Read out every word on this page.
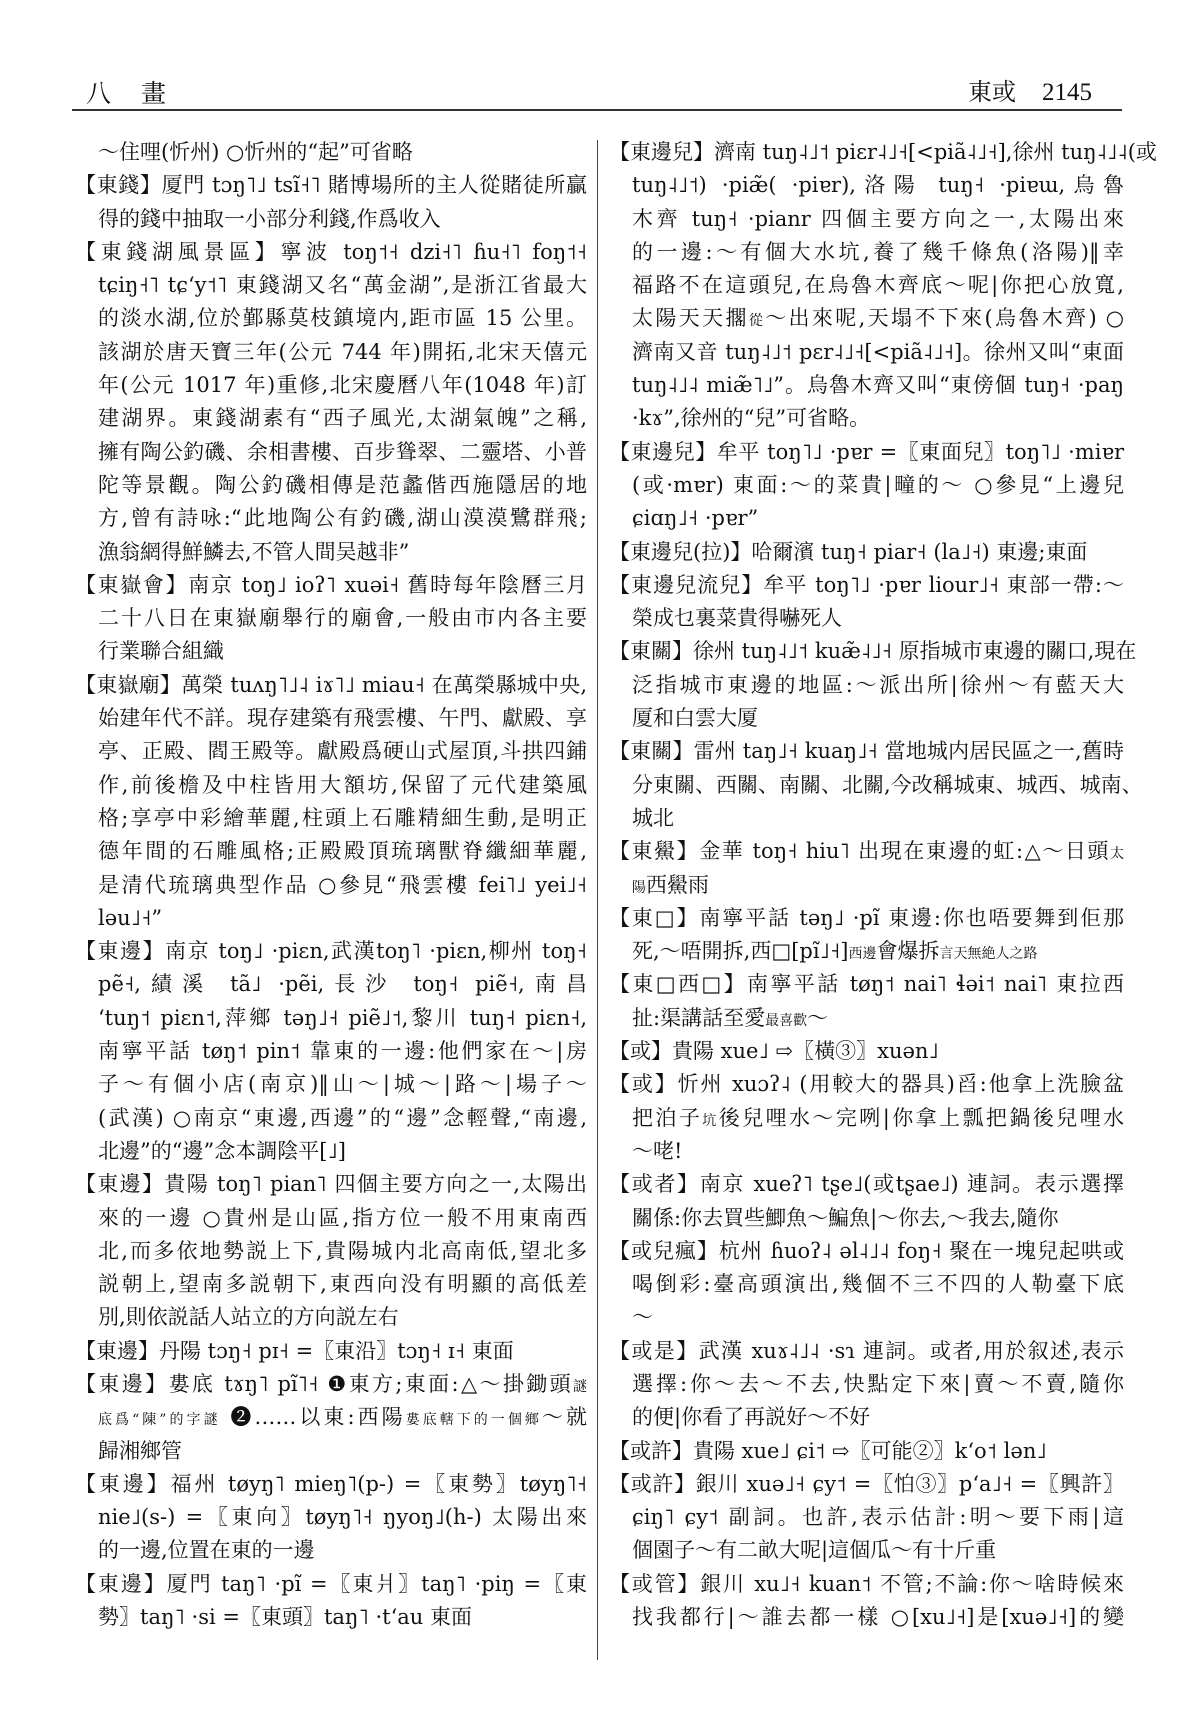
八 畫	東或 2145
～住哩(忻州) ○忻州的“起”可省略
【東錢】厦門 tɔŋ˥˩ tsĩ˧˥ 賭博場所的主人從賭徒所贏
得的錢中抽取一小部分利錢,作爲收入
【東錢湖風景區】寧波 toŋ˦˧ dzi˧˥ ɦu˧˥ foŋ˦˧
tɕiŋ˧˥ tɕʻy˦˥ 東錢湖又名“萬金湖”,是浙江省最大
的淡水湖,位於鄞縣莫枝鎮境内,距市區 15 公里。
該湖於唐天寶三年(公元 744 年)開拓,北宋天僖元
年(公元 1017 年)重修,北宋慶曆八年(1048 年)訂
建湖界。東錢湖素有“西子風光,太湖氣魄”之稱,
擁有陶公釣磯、余相書樓、百步聳翠、二靈塔、小普
陀等景觀。陶公釣磯相傳是范蠡偕西施隱居的地
方,曾有詩咏:“此地陶公有釣磯,湖山漠漠鷺群飛;
漁翁網得鮮鱗去,不管人間吴越非”
【東嶽會】南京 toŋ˩ ioʔ˥ xuəi˧ 舊時每年陰曆三月
二十八日在東嶽廟舉行的廟會,一般由市内各主要
行業聯合組織
【東嶽廟】萬榮 tuʌŋ˥˩˨ iɤ˥˩ miau˧ 在萬榮縣城中央,
始建年代不詳。現存建築有飛雲樓、午門、獻殿、享
亭、正殿、閻王殿等。獻殿爲硬山式屋頂,斗拱四鋪
作,前後檐及中柱皆用大額坊,保留了元代建築風
格;享亭中彩繪華麗,柱頭上石雕精細生動,是明正
德年間的石雕風格;正殿殿頂琉璃獸脊纖細華麗,
是清代琉璃典型作品 ○參見“飛雲樓 fei˥˩ yei˩˧
ləu˩˧”
【東邊】南京 toŋ˩ ·piɛn,武漢toŋ˥ ·piɛn,柳州 toŋ˧
pẽ˧,績溪 tã˩ ·pẽi,長沙 toŋ˧ piẽ˧,南昌
ʻtuŋ˦ piɛn˦,萍鄉 təŋ˩˧ piẽ˩˦,黎川 tuŋ˧ piɛn˧,
南寧平話 tøŋ˦ pin˦ 靠東的一邊:他們家在～|房
子～有個小店(南京)‖山～|城～|路～|場子～
(武漢) ○南京“東邊,西邊”的“邊”念輕聲,“南邊,
北邊”的“邊”念本調陰平[˩]
【東邊】貴陽 toŋ˥ pian˥ 四個主要方向之一,太陽出
來的一邊 ○貴州是山區,指方位一般不用東南西
北,而多依地勢説上下,貴陽城内北高南低,望北多
説朝上,望南多説朝下,東西向没有明顯的高低差
別,則依説話人站立的方向説左右
【東邊】丹陽 tɔŋ˧ pɪ˧ =〖東沿〗tɔŋ˧ ɪ˧ 東面
【東邊】婁底 tɤŋ˥ pĩ˥˧ ❶東方;東面:△～掛鋤頭謎
底爲“陳”的字謎 ❷……以東:西陽婁底轄下的一個鄉～就
歸湘鄉管
【東邊】福州 tøyŋ˥ mieŋ˥(p-) =〖東勢〗tøyŋ˥˧
nie˩(s-) =〖東向〗tøyŋ˥˧ ŋyoŋ˩(h-) 太陽出來
的一邊,位置在東的一邊
【東邊】厦門 taŋ˥ ·pĩ =〖東爿〗taŋ˥ ·piŋ =〖東
勢〗taŋ˥ ·si =〖東頭〗taŋ˥ ·tʻau 東面
【東邊兒】濟南 tuŋ˨˩˦ piɛr˨˩˧[<piã˨˩˧],徐州 tuŋ˨˩˨(或
tuŋ˨˩˦) ·piæ̃( ·piɐr),洛陽 tuŋ˧ ·piɐɯ,烏魯
木齊 tuŋ˧ ·pianr 四個主要方向之一,太陽出來
的一邊:～有個大水坑,養了幾千條魚(洛陽)‖幸
福路不在這頭兒,在烏魯木齊底～呢|你把心放寬,
太陽天天擱從～出來呢,天塌不下來(烏魯木齊) ○
濟南又音 tuŋ˨˩˦ pɛr˨˩˧[<piã˨˩˧]。徐州又叫“東面
tuŋ˨˩˨ miæ̃˥˩”。烏魯木齊又叫“東傍個 tuŋ˧ ·paŋ
·kɤ”,徐州的“兒”可省略。
【東邊兒】牟平 toŋ˥˩ ·pɐr =〖東面兒〗toŋ˥˩ ·miɐr
(或·mɐr) 東面:～的菜貴|疃的～ ○參見“上邊兒
ɕiɑŋ˩˧ ·pɐr”
【東邊兒(拉)】哈爾濱 tuŋ˧ piar˧ (la˩˧) 東邊;東面
【東邊兒流兒】牟平 toŋ˥˩ ·pɐr liour˩˧ 東部一帶:～
榮成乜裏菜貴得嚇死人
【東關】徐州 tuŋ˨˩˦ kuæ̃˨˩˧ 原指城市東邊的關口,現在
泛指城市東邊的地區:～派出所|徐州～有藍天大
厦和白雲大厦
【東關】雷州 taŋ˩˧ kuaŋ˩˧ 當地城内居民區之一,舊時
分東關、西關、南關、北關,今改稱城東、城西、城南、
城北
【東鱟】金華 toŋ˧ hiu˥ 出現在東邊的虹:△～日頭太
陽西鱟雨
【東□】南寧平話 təŋ˩ ·pĩ 東邊:你也唔要舞到佢那
死,～唔開拆,西□[pĩ˩˧]西邊會爆拆言天無絶人之路
【東□西□】南寧平話 tøŋ˦ nai˥ ɬəi˦ nai˥ 東拉西
扯:渠講話至愛最喜歡～
【或】貴陽 xue˩ ⇨〖橫③〗xuən˩
【或】忻州 xuɔʔ˨ (用較大的器具)舀:他拿上洗臉盆
把泊子坑後兒哩水～完咧|你拿上瓢把鍋後兒哩水
～咾!
【或者】南京 xueʔ˥ tʂe˩(或tʂae˩) 連詞。表示選擇
關係:你去買些鯽魚～鯿魚|～你去,～我去,隨你
【或兒瘋】杭州 ɦuoʔ˨ əl˨˩˨ foŋ˧ 聚在一塊兒起哄或
喝倒彩:臺高頭演出,幾個不三不四的人勒臺下底
～
【或是】武漢 xuɤ˨˩˨ ·sɿ 連詞。或者,用於叙述,表示
選擇:你～去～不去,快點定下來|賣～不賣,隨你
的便|你看了再説好～不好
【或許】貴陽 xue˩ ɕi˦ ⇨〖可能②〗kʻo˦ lən˩
【或許】銀川 xuə˩˧ ɕy˦ =〖怕③〗pʻa˩˧ =〖興許〗
ɕiŋ˥ ɕy˦ 副詞。也許,表示估計:明～要下雨|這
個園子～有二畝大呢|這個瓜～有十斤重
【或管】銀川 xu˩˧ kuan˦ 不管;不論:你～啥時候來
找我都行|～誰去都一樣 ○[xu˩˧]是[xuə˩˧]的變
